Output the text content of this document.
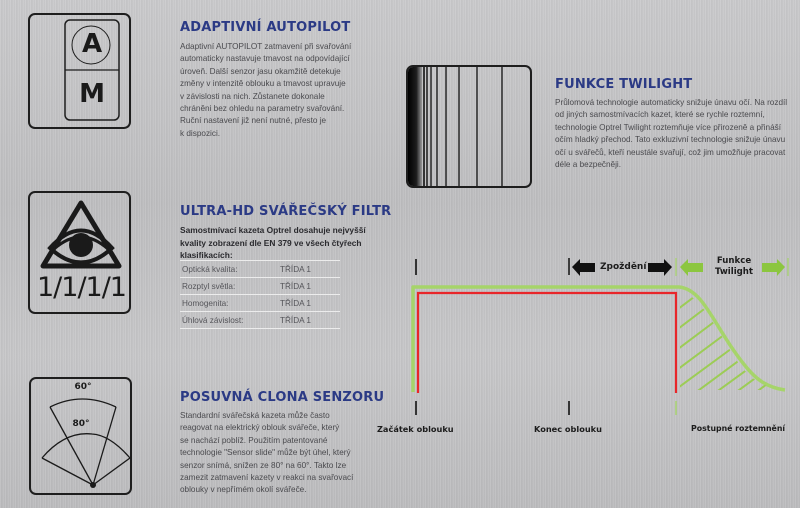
A
M
ADAPTIVNÍ AUTOPILOT
Adaptivní AUTOPILOT zatmavení při svařování
automaticky nastavuje tmavost na odpovídající
úroveň. Další senzor jasu okamžitě detekuje
změny v intenzitě oblouku a tmavost upravuje
v závislosti na nich. Zůstanete dokonale
chráněni bez ohledu na parametry svařování.
Ruční nastavení již není nutné, přesto je
k dispozici.
1/1/1/1
ULTRA-HD SVÁŘEČSKÝ FILTR
Samostmívací kazeta Optrel dosahuje nejvyšší
kvality zobrazení dle EN 379 ve všech čtyřech
klasifikacích:
Optická kvalita:	TŘÍDA 1
Rozptyl světla:	TŘÍDA 1
Homogenita:	TŘÍDA 1
Úhlová závislost:	TŘÍDA 1
60°
80°
POSUVNÁ CLONA SENZORU
Standardní svářečská kazeta může často
reagovat na elektrický oblouk svářeče, který
se nachází poblíž. Použitím patentované
technologie "Sensor slide" může být úhel, který
senzor snímá, snížen ze 80° na 60°. Takto lze
zamezit zatmavení kazety v reakci na svařovací
oblouky v nepřímém okolí svářeče.
FUNKCE TWILIGHT
Průlomová technologie automaticky snižuje únavu očí. Na rozdíl
od jiných samostmívacích kazet, které se rychle roztemní,
technologie Optrel Twilight roztemňuje více přirozeně a přináší
očím hladký přechod. Tato exkluzivní technologie snižuje únavu
očí u svářečů, kteří neustále svařují, což jim umožňuje pracovat
déle a bezpečněji.
Zpoždění
Funkce
Twilight
Začátek oblouku	Konec oblouku	Postupné roztemnění
